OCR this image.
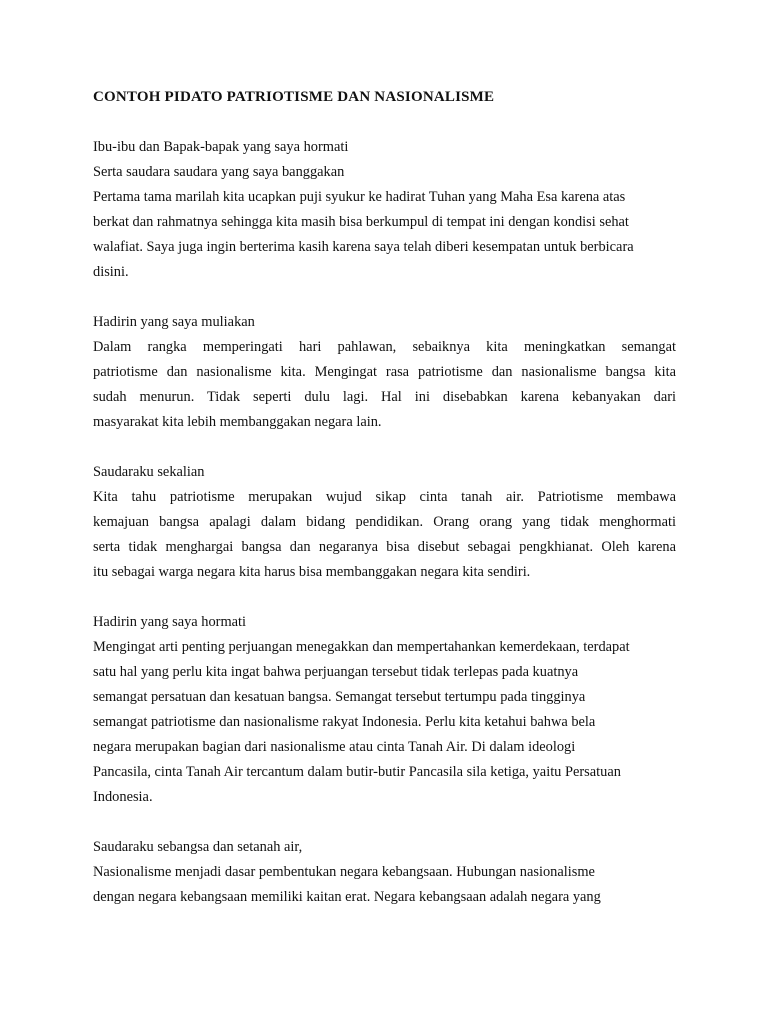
CONTOH PIDATO PATRIOTISME DAN NASIONALISME
Ibu-ibu dan Bapak-bapak yang saya hormati
Serta saudara saudara yang saya banggakan
Pertama tama marilah kita ucapkan puji syukur ke hadirat Tuhan yang Maha Esa karena atas
berkat dan rahmatnya sehingga kita masih bisa berkumpul di tempat ini dengan kondisi sehat
walafiat. Saya juga ingin berterima kasih karena saya telah diberi kesempatan untuk berbicara
disini.
Hadirin yang saya muliakan
Dalam rangka memperingati hari pahlawan, sebaiknya kita meningkatkan semangat
patriotisme dan nasionalisme kita. Mengingat rasa patriotisme dan nasionalisme bangsa kita
sudah menurun. Tidak seperti dulu lagi. Hal ini disebabkan karena kebanyakan dari
masyarakat kita lebih membanggakan negara lain.
Saudaraku sekalian
Kita tahu patriotisme merupakan wujud sikap cinta tanah air. Patriotisme membawa
kemajuan bangsa apalagi dalam bidang pendidikan. Orang orang yang tidak menghormati
serta tidak menghargai bangsa dan negaranya bisa disebut sebagai pengkhianat. Oleh karena
itu sebagai warga negara kita harus bisa membanggakan negara kita sendiri.
Hadirin yang saya hormati
Mengingat arti penting perjuangan menegakkan dan mempertahankan kemerdekaan, terdapat
satu hal yang perlu kita ingat bahwa perjuangan tersebut tidak terlepas pada kuatnya
semangat persatuan dan kesatuan bangsa. Semangat tersebut tertumpu pada tingginya
semangat patriotisme dan nasionalisme rakyat Indonesia. Perlu kita ketahui bahwa bela
negara merupakan bagian dari nasionalisme atau cinta Tanah Air. Di dalam ideologi
Pancasila, cinta Tanah Air tercantum dalam butir-butir Pancasila sila ketiga, yaitu Persatuan
Indonesia.
Saudaraku sebangsa dan setanah air,
Nasionalisme menjadi dasar pembentukan negara kebangsaan. Hubungan nasionalisme
dengan negara kebangsaan memiliki kaitan erat. Negara kebangsaan adalah negara yang
